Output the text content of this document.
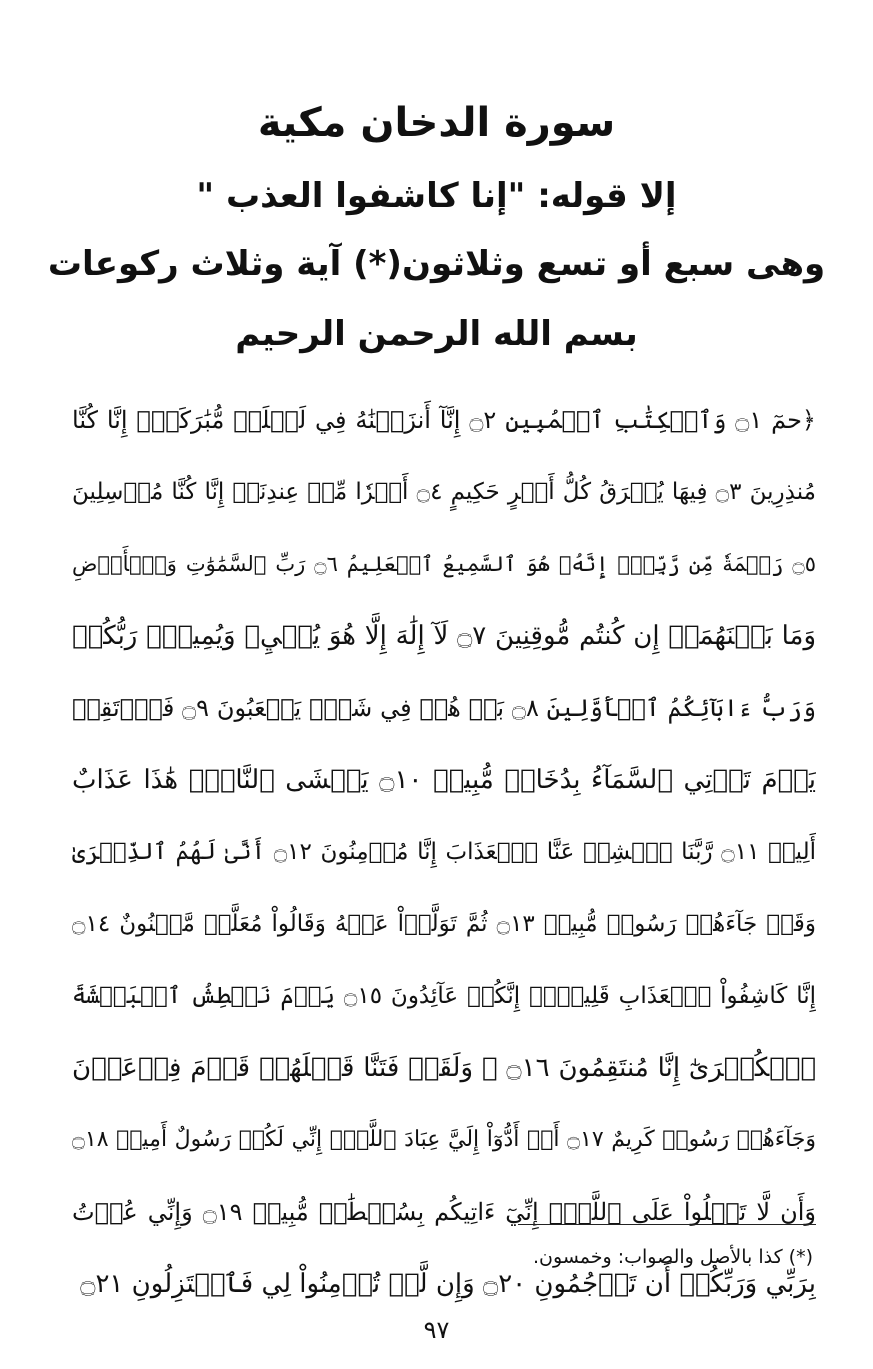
سورة الدخان مكية
إلا قوله: "إنا كاشفوا العذب "
وهى سبع أو تسع وثلاثون(*) آية وثلاث ركوعات
بسم الله الرحمن الرحيم
﴿حمٓ ۝١ وَٱلۡكِتَٰبِ ٱلۡمُبِينِ ۝٢ إِنَّآ أَنزَلۡنَٰهُ فِي لَيۡلَةٖ مُّبَٰرَكَةٍۚ إِنَّا كُنَّا
مُنذِرِينَ ۝٣ فِيهَا يُفۡرَقُ كُلُّ أَمۡرٍ حَكِيمٍ ۝٤ أَمۡرٗا مِّنۡ عِندِنَآۚ إِنَّا كُنَّا مُرۡسِلِينَ
۝٥ رَحۡمَةٗ مِّن رَّبِّكَۚ إِنَّهُۥ هُوَ ٱلسَّمِيعُ ٱلۡعَلِيمُ ۝٦ رَبِّ ٱلسَّمَٰوَٰتِ وَٱلۡأَرۡضِ
وَمَا بَيۡنَهُمَآۖ إِن كُنتُم مُّوقِنِينَ ۝٧ لَآ إِلَٰهَ إِلَّا هُوَ يُحۡيِۦ وَيُمِيتُۖ رَبُّكُمۡ
وَرَبُّ ءَابَآئِكُمُ ٱلۡأَوَّلِينَ ۝٨ بَلۡ هُمۡ فِي شَكّٖ يَلۡعَبُونَ ۝٩ فَٱرۡتَقِبۡ
يَوۡمَ تَأۡتِي ٱلسَّمَآءُ بِدُخَانٖ مُّبِينٖ ۝١٠ يَغۡشَى ٱلنَّاسَۖ هَٰذَا عَذَابٌ
أَلِيمٞ ۝١١ رَّبَّنَا ٱكۡشِفۡ عَنَّا ٱلۡعَذَابَ إِنَّا مُؤۡمِنُونَ ۝١٢ أَنَّىٰ لَهُمُ ٱلذِّكۡرَىٰ
وَقَدۡ جَآءَهُمۡ رَسُولٞ مُّبِينٞ ۝١٣ ثُمَّ تَوَلَّوۡاْ عَنۡهُ وَقَالُواْ مُعَلَّمٞ مَّجۡنُونٌ ۝١٤
إِنَّا كَاشِفُواْ ٱلۡعَذَابِ قَلِيلًاۚ إِنَّكُمۡ عَآئِدُونَ ۝١٥ يَوۡمَ نَبۡطِشُ ٱلۡبَطۡشَةَ
ٱلۡكُبۡرَىٰٓ إِنَّا مُنتَقِمُونَ ۝١٦ ۞ وَلَقَدۡ فَتَنَّا قَبۡلَهُمۡ قَوۡمَ فِرۡعَوۡنَ
وَجَآءَهُمۡ رَسُولٞ كَرِيمٌ ۝١٧ أَنۡ أَدُّوٓاْ إِلَيَّ عِبَادَ ٱللَّهِۖ إِنِّي لَكُمۡ رَسُولٌ أَمِينٞ ۝١٨
وَأَن لَّا تَعۡلُواْ عَلَى ٱللَّهِۖ إِنِّيٓ ءَاتِيكُم بِسُلۡطَٰنٖ مُّبِينٖ ۝١٩ وَإِنِّي عُذۡتُ
بِرَبِّي وَرَبِّكُمۡ أَن تَرۡجُمُونِ ۝٢٠ وَإِن لَّمۡ تُؤۡمِنُواْ لِي فَٱعۡتَزِلُونِ ۝٢١
(*) كذا بالأصل والصواب: وخمسون.
٩٧
